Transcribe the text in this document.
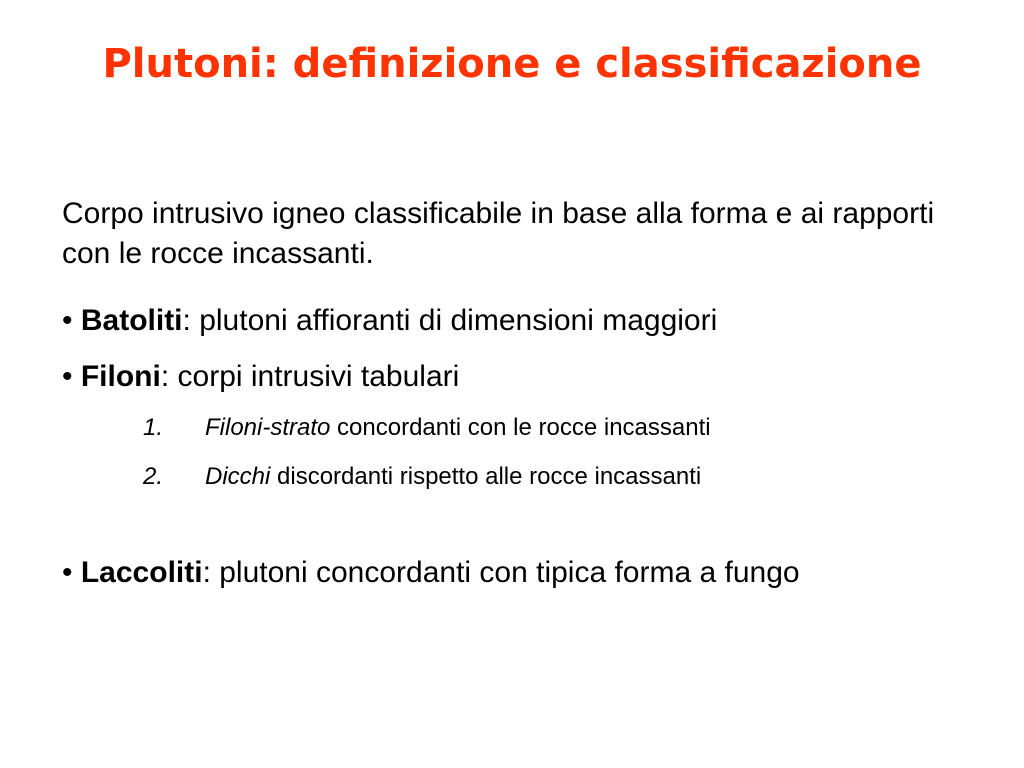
Plutoni: definizione e classificazione
Corpo intrusivo igneo classificabile in base alla forma e ai rapporti con le rocce incassanti.
• Batoliti: plutoni affioranti di dimensioni maggiori
• Filoni: corpi intrusivi tabulari
1. Filoni-strato concordanti con le rocce incassanti
2. Dicchi discordanti rispetto alle rocce incassanti
• Laccoliti: plutoni concordanti con tipica forma a fungo
